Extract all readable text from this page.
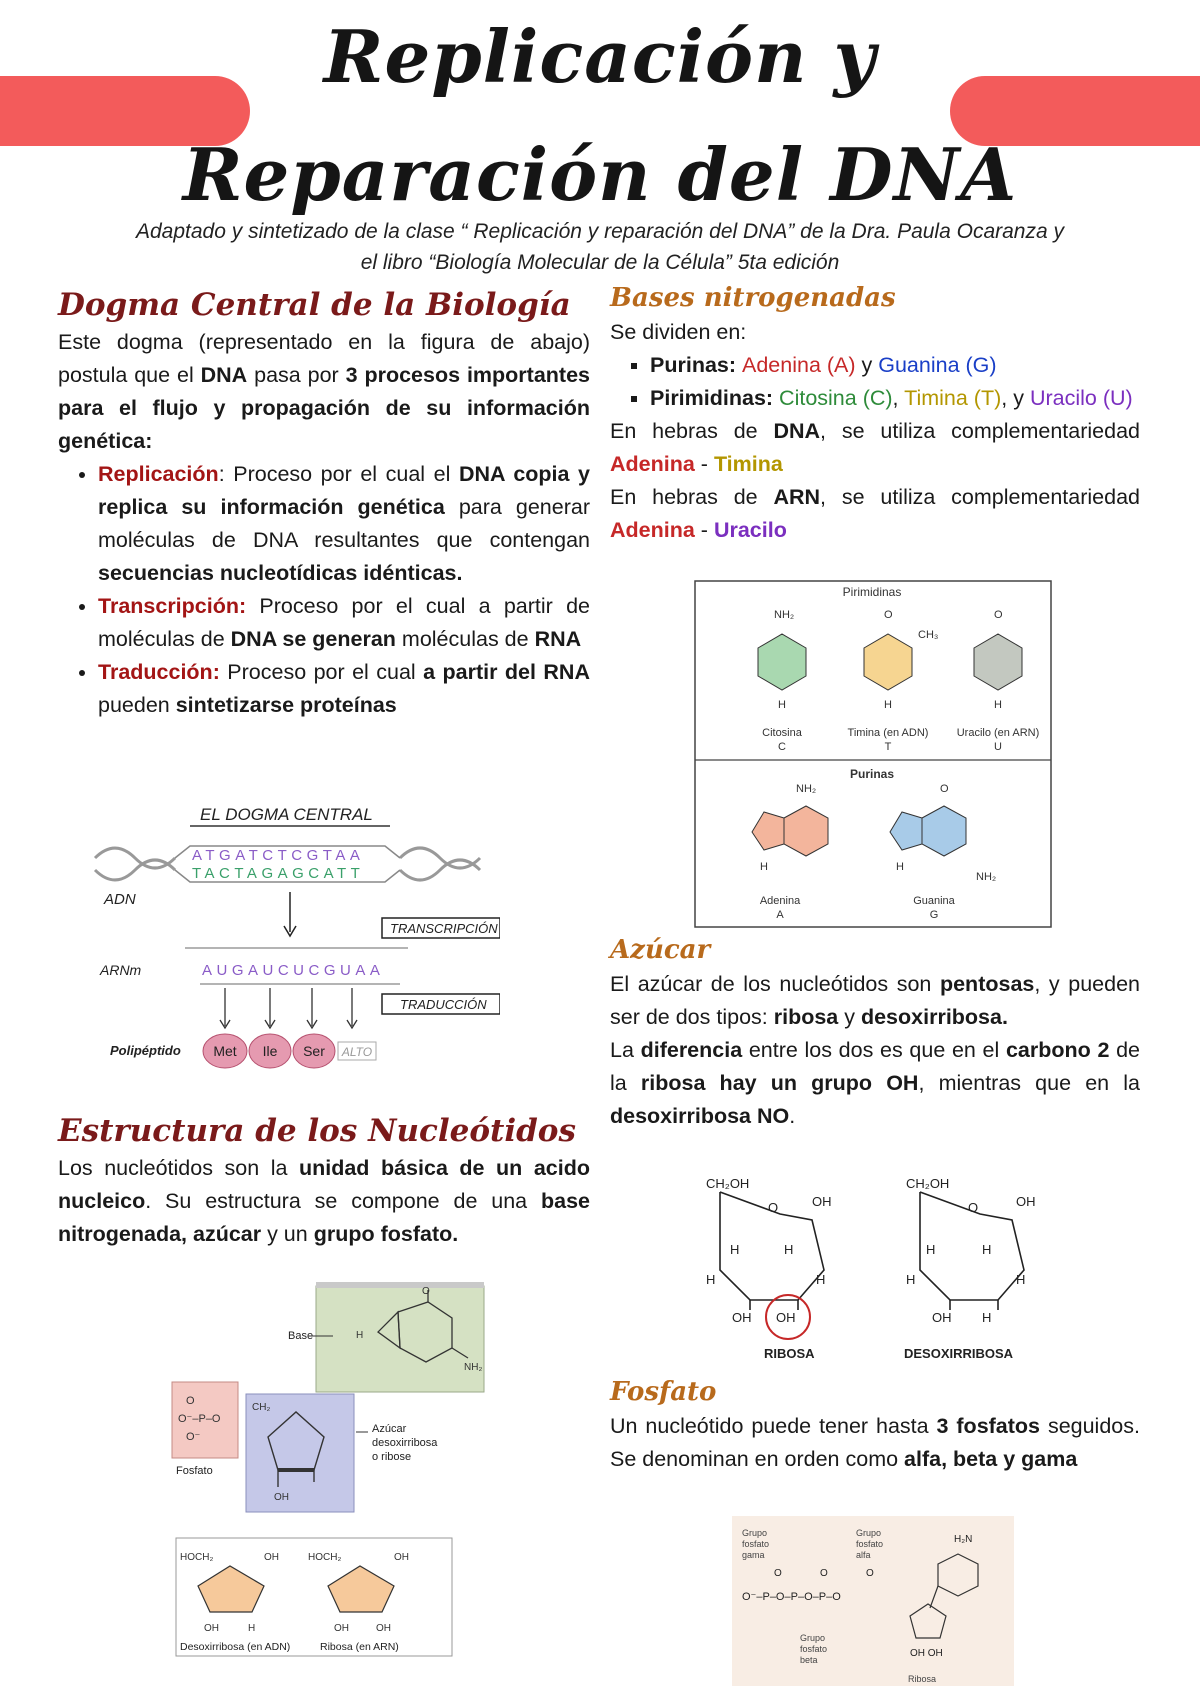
Replicación y
Reparación del DNA
Adaptado y sintetizado de la clase “ Replicación y reparación del DNA” de la Dra. Paula Ocaranza y
el libro “Biología Molecular de la Célula” 5ta edición
Dogma Central de la Biología
Este dogma (representado en la figura de abajo) postula que el DNA pasa por 3 procesos importantes para el flujo y propagación de su información genética:
• Replicación: Proceso por el cual el DNA copia y replica su información genética para generar moléculas de DNA resultantes que contengan secuencias nucleotídicas idénticas.
• Transcripción: Proceso por el cual a partir de moléculas de DNA se generan moléculas de RNA
• Traducción: Proceso por el cual a partir del RNA pueden sintetizarse proteínas
EL DOGMA CENTRAL
ATGATCTCGTAA
TACTAGAGCATT
ADN
TRANSCRIPCIÓN
ARNm	AUGAUCUCGUAA
TRADUCCIÓN
Polipéptido Met Ile Ser ALTO
Estructura de los Nucleótidos
Los nucleótidos son la unidad básica de un acido nucleico. Su estructura se compone de una base nitrogenada, azúcar y un grupo fosfato.
O
H
NH₂
Base
O
O⁻–P–O
O⁻
Fosfato
CH₂
OH
Azúcar
desoxirribosa
o ribose
HOCH₂	OH	HOCH₂	OH
OH	H	OH	OH
Desoxirribosa (en ADN)	Ribosa (en ARN)
Bases nitrogenadas
Se dividen en:
▪ Purinas: Adenina (A) y Guanina (G)
▪ Pirimidinas: Citosina (C), Timina (T), y Uracilo (U)
En hebras de DNA, se utiliza complementariedad Adenina - Timina
En hebras de ARN, se utiliza complementariedad Adenina - Uracilo
Pirimidinas
NH₂	O
CH₃
O
H	H	H
Citosina
C
Timina (en ADN)
T
Uracilo (en ARN)
U
Purinas
NH₂	O
NH₂
H	H
Adenina
A
Guanina
G
Azúcar
El azúcar de los nucleótidos son pentosas, y pueden ser de dos tipos: ribosa y desoxirribosa.
La diferencia entre los dos es que en el carbono 2 de la ribosa hay un grupo OH, mientras que en la desoxirribosa NO.
CH₂OH
OH
O
H	H
H	H
OH OH
CH₂OH
OH
O
H	H
H	H
OH H
RIBOSA	DESOXIRRIBOSA
Fosfato
Un nucleótido puede tener hasta 3 fosfatos seguidos. Se denominan en orden como alfa, beta y gama
Grupo
fosfato
gama
Grupo
fosfato
alfa
Grupo
fosfato
beta
Ribosa
O⁻–P–O–P–O–P–O
O	O	O
H₂N
OH OH
